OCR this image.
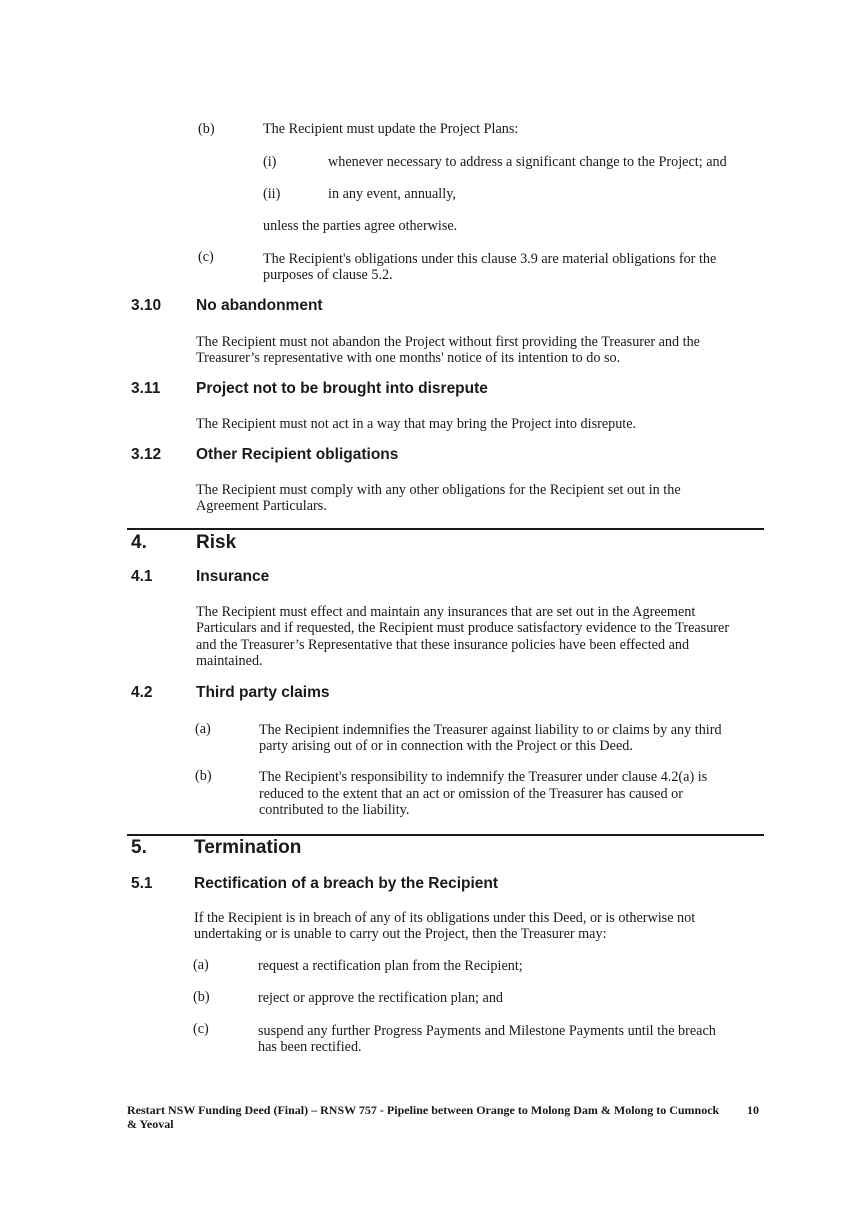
(b)	The Recipient must update the Project Plans:
(i)	whenever necessary to address a significant change to the Project; and
(ii)	in any event, annually,
unless the parties agree otherwise.
(c)	The Recipient's obligations under this clause 3.9 are material obligations for the
purposes of clause 5.2.
3.10 No abandonment
The Recipient must not abandon the Project without first providing the Treasurer and the
Treasurer’s representative with one months' notice of its intention to do so.
3.11 Project not to be brought into disrepute
The Recipient must not act in a way that may bring the Project into disrepute.
3.12 Other Recipient obligations
The Recipient must comply with any other obligations for the Recipient set out in the
Agreement Particulars.
4.	Risk
4.1	Insurance
The Recipient must effect and maintain any insurances that are set out in the Agreement
Particulars and if requested, the Recipient must produce satisfactory evidence to the Treasurer
and the Treasurer’s Representative that these insurance policies have been effected and
maintained.
4.2	Third party claims
(a)	The Recipient indemnifies the Treasurer against liability to or claims by any third
party arising out of or in connection with the Project or this Deed.
(b)	The Recipient's responsibility to indemnify the Treasurer under clause 4.2(a) is
reduced to the extent that an act or omission of the Treasurer has caused or
contributed to the liability.
5. Termination
5.1	Rectification of a breach by the Recipient
If the Recipient is in breach of any of its obligations under this Deed, or is otherwise not
undertaking or is unable to carry out the Project, then the Treasurer may:
(a)	request a rectification plan from the Recipient;
(b)	reject or approve the rectification plan; and
(c)	suspend any further Progress Payments and Milestone Payments until the breach
has been rectified.
Restart NSW Funding Deed (Final) – RNSW 757 - Pipeline between Orange to Molong Dam & Molong to Cumnock
& Yeoval
10
